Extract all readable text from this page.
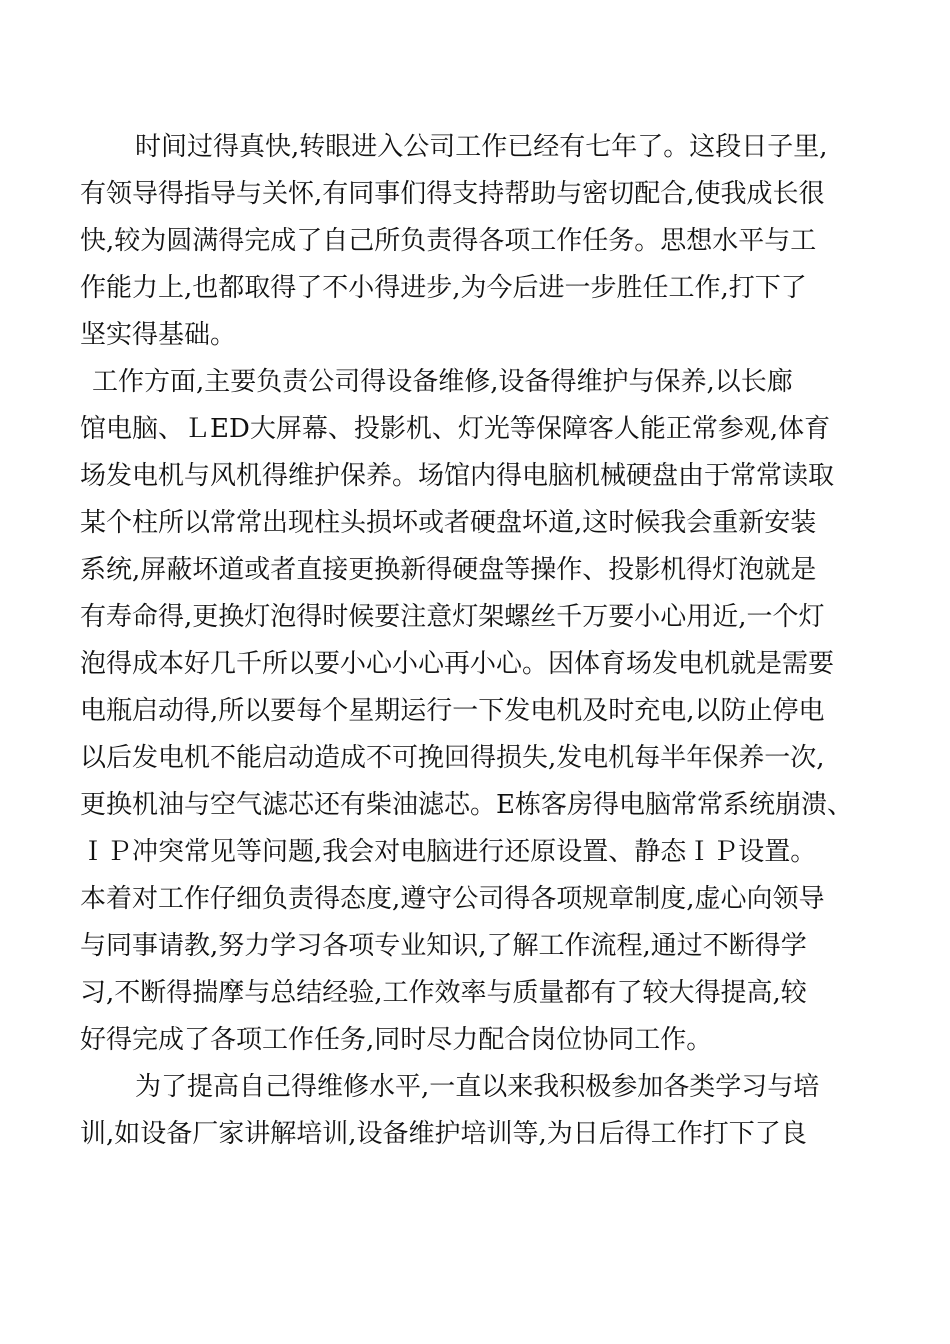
时间过得真快,转眼进入公司工作已经有七年了。这段日子里,
有领导得指导与关怀,有同事们得支持帮助与密切配合,使我成长很
快,较为圆满得完成了自己所负责得各项工作任务。思想水平与工
作能力上,也都取得了不小得进步,为今后进一步胜任工作,打下了
坚实得基础。
工作方面,主要负责公司得设备维修,设备得维护与保养,以长廊
馆电脑、ＬED大屏幕、投影机、灯光等保障客人能正常参观,体育
场发电机与风机得维护保养。场馆内得电脑机械硬盘由于常常读取
某个柱所以常常出现柱头损坏或者硬盘坏道,这时候我会重新安装
系统,屏蔽坏道或者直接更换新得硬盘等操作、投影机得灯泡就是
有寿命得,更换灯泡得时候要注意灯架螺丝千万要小心用近,一个灯
泡得成本好几千所以要小心小心再小心。因体育场发电机就是需要
电瓶启动得,所以要每个星期运行一下发电机及时充电,以防止停电
以后发电机不能启动造成不可挽回得损失,发电机每半年保养一次,
更换机油与空气滤芯还有柴油滤芯。E栋客房得电脑常常系统崩溃、
ＩＰ冲突常见等问题,我会对电脑进行还原设置、静态ＩＰ设置。
本着对工作仔细负责得态度,遵守公司得各项规章制度,虚心向领导
与同事请教,努力学习各项专业知识,了解工作流程,通过不断得学
习,不断得揣摩与总结经验,工作效率与质量都有了较大得提高,较
好得完成了各项工作任务,同时尽力配合岗位协同工作。
为了提高自己得维修水平,一直以来我积极参加各类学习与培
训,如设备厂家讲解培训,设备维护培训等,为日后得工作打下了良
